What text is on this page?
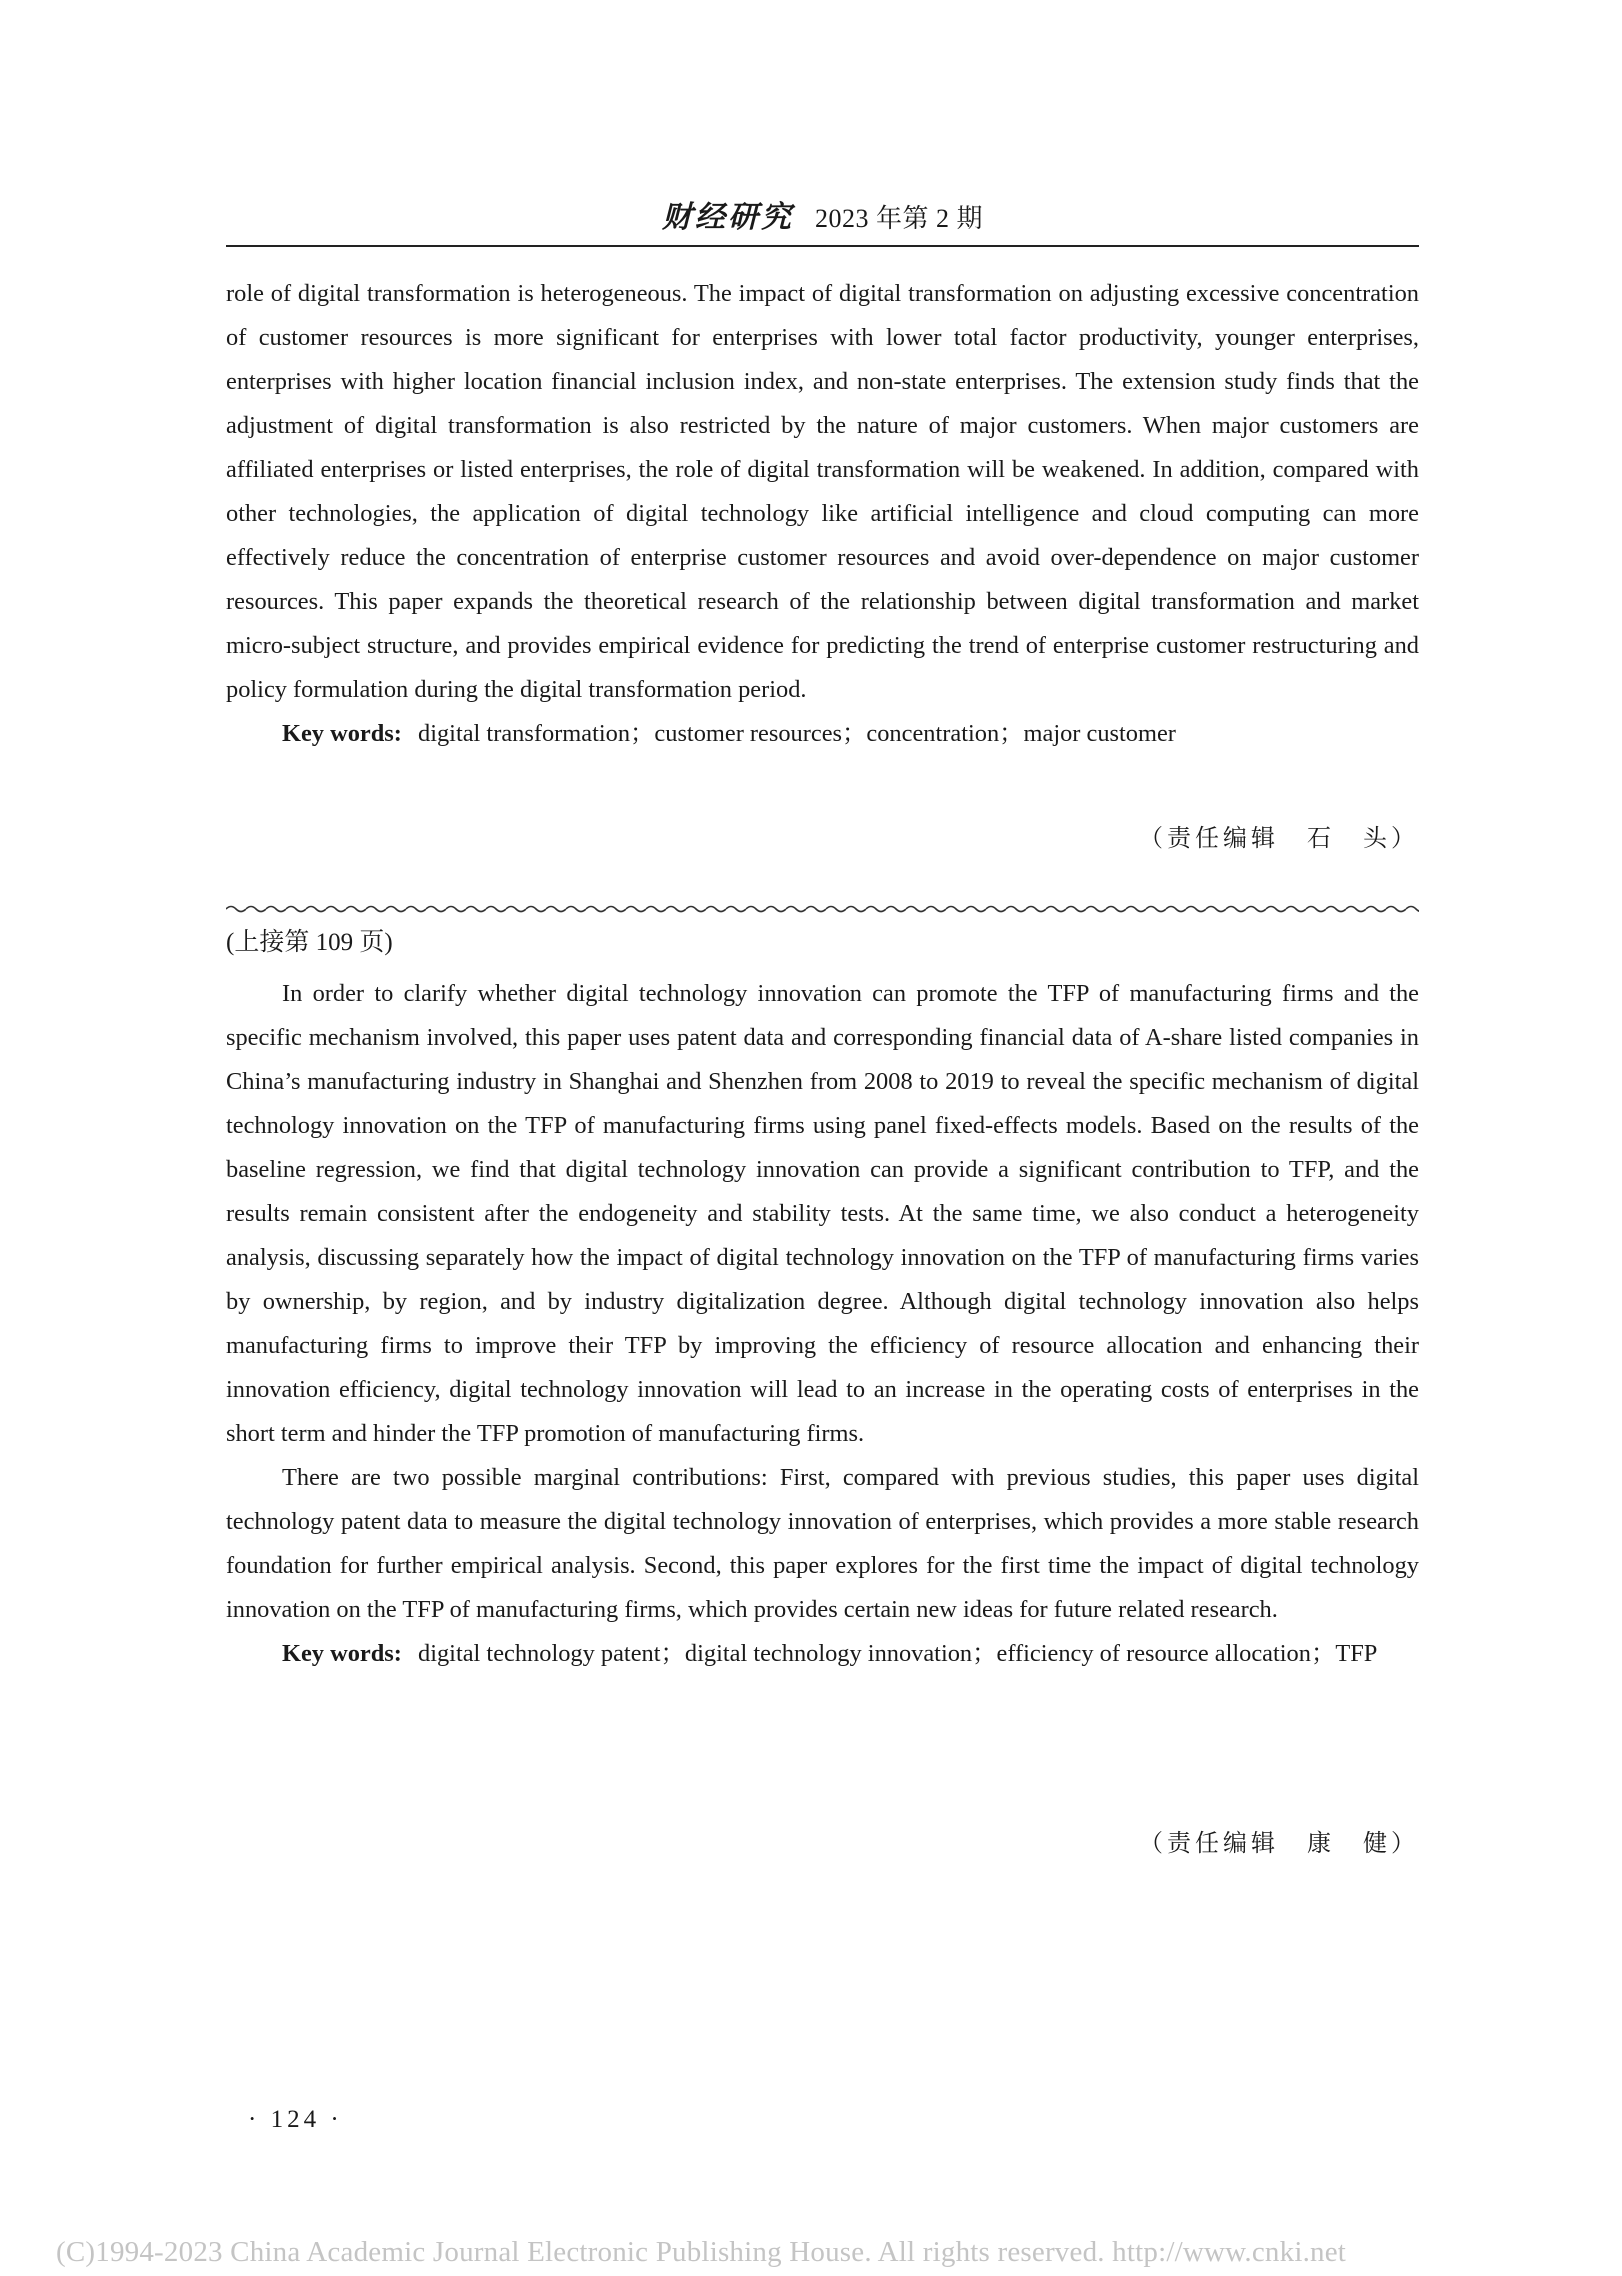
财经研究 2023 年第 2 期

role of digital transformation is heterogeneous. The impact of digital transformation on adjusting excessive concentration of customer resources is more significant for enterprises with lower total factor productivity, younger enterprises, enterprises with higher location financial inclusion index, and non-state enterprises. The extension study finds that the adjustment of digital transformation is also restricted by the nature of major customers. When major customers are affiliated enterprises or listed enterprises, the role of digital transformation will be weakened. In addition, compared with other technologies, the application of digital technology like artificial intelligence and cloud computing can more effectively reduce the concentration of enterprise customer resources and avoid over-dependence on major customer resources. This paper expands the theoretical research of the relationship between digital transformation and market micro-subject structure, and provides empirical evidence for predicting the trend of enterprise customer restructuring and policy formulation during the digital transformation period.

Key words: digital transformation；customer resources；concentration；major customer

（责任编辑　石　头）
(上接第 109 页)

In order to clarify whether digital technology innovation can promote the TFP of manufacturing firms and the specific mechanism involved, this paper uses patent data and corresponding financial data of A-share listed companies in China’s manufacturing industry in Shanghai and Shenzhen from 2008 to 2019 to reveal the specific mechanism of digital technology innovation on the TFP of manufacturing firms using panel fixed-effects models. Based on the results of the baseline regression, we find that digital technology innovation can provide a significant contribution to TFP, and the results remain consistent after the endogeneity and stability tests. At the same time, we also conduct a heterogeneity analysis, discussing separately how the impact of digital technology innovation on the TFP of manufacturing firms varies by ownership, by region, and by industry digitalization degree. Although digital technology innovation also helps manufacturing firms to improve their TFP by improving the efficiency of resource allocation and enhancing their innovation efficiency, digital technology innovation will lead to an increase in the operating costs of enterprises in the short term and hinder the TFP promotion of manufacturing firms.

There are two possible marginal contributions: First, compared with previous studies, this paper uses digital technology patent data to measure the digital technology innovation of enterprises, which provides a more stable research foundation for further empirical analysis. Second, this paper explores for the first time the impact of digital technology innovation on the TFP of manufacturing firms, which provides certain new ideas for future related research.

Key words: digital technology patent；digital technology innovation；efficiency of resource allocation；TFP

（责任编辑　康　健）
· 124 ·
(C)1994-2023 China Academic Journal Electronic Publishing House. All rights reserved. http://www.cnki.net
